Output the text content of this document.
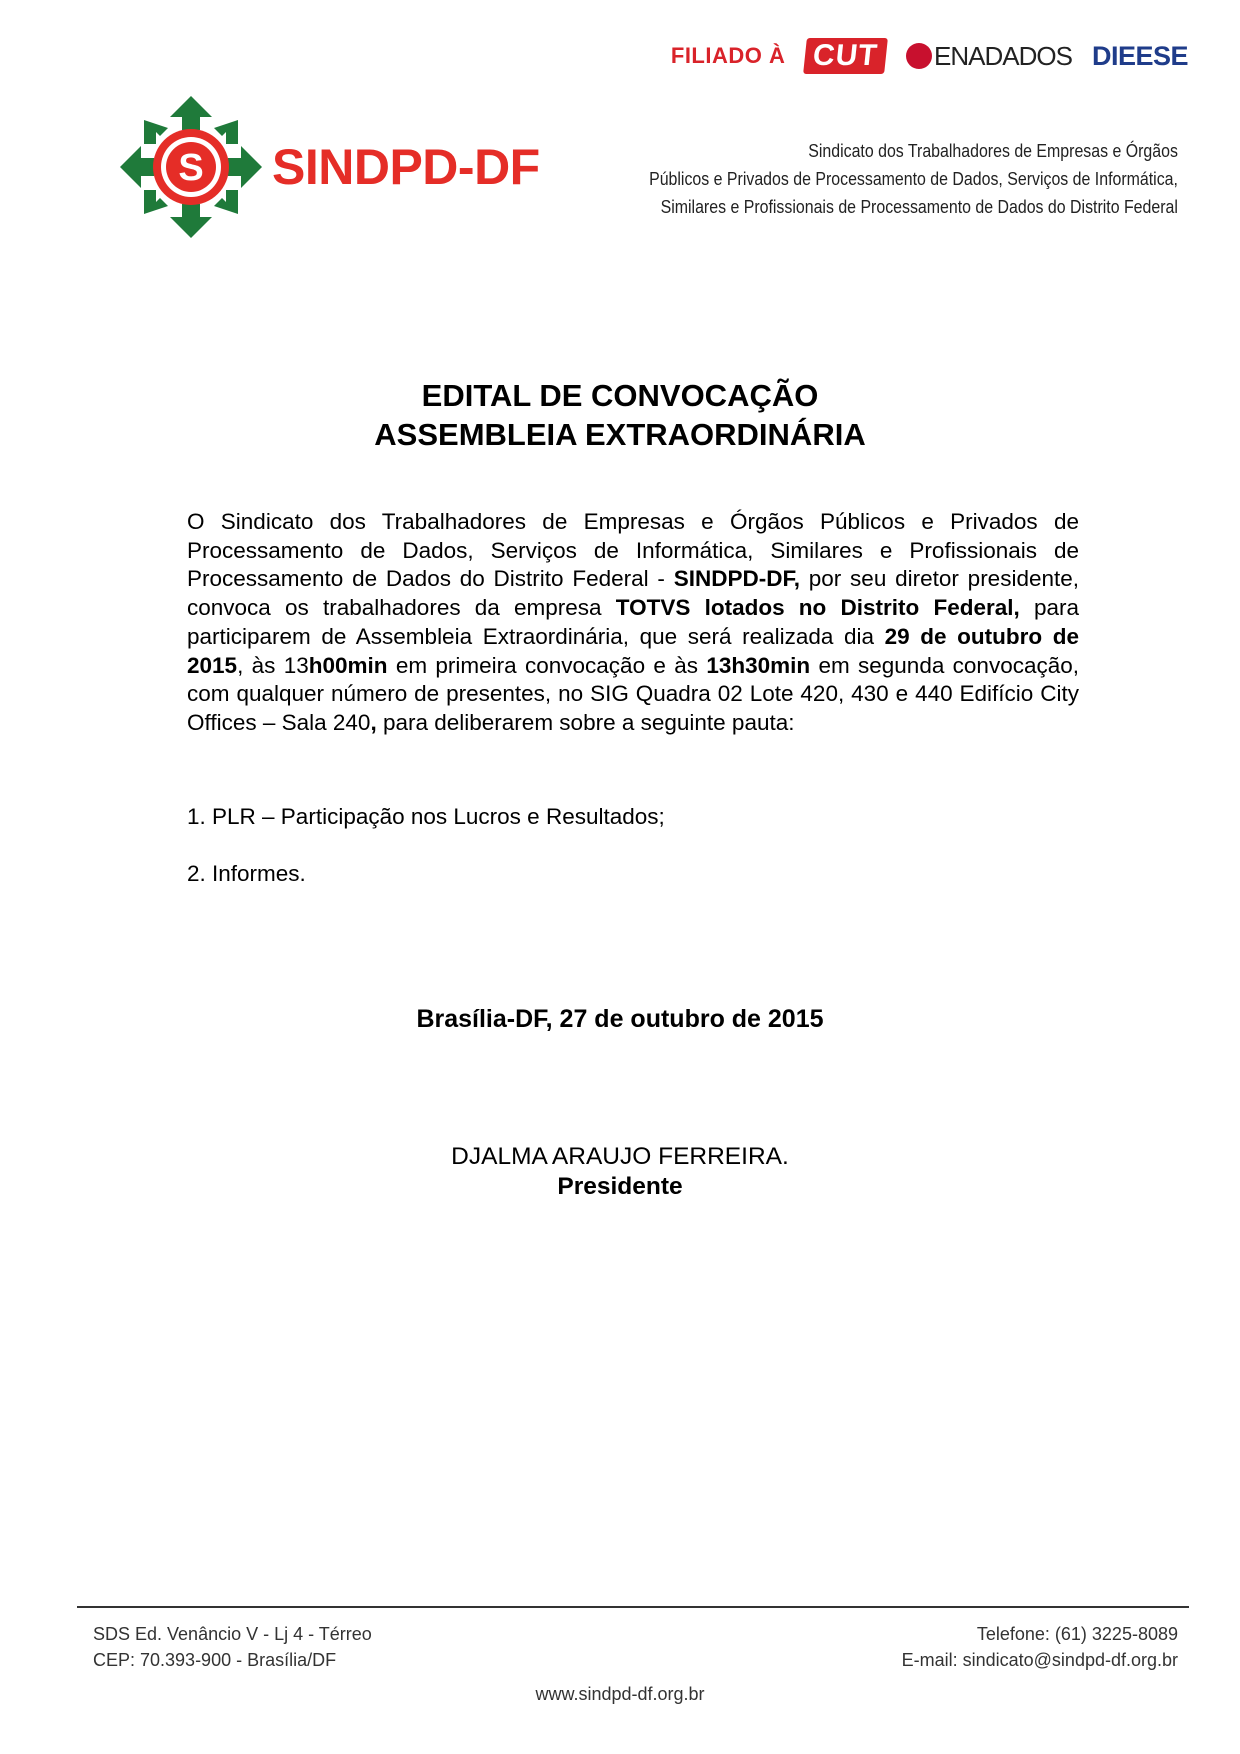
FILIADO À CUT	ENADADOS DIEESE
S SINDPD-DF	Sindicato dos Trabalhadores de Empresas e Órgãos
Públicos e Privados de Processamento de Dados, Serviços de Informática,
Similares e Profissionais de Processamento de Dados do Distrito Federal
EDITAL DE CONVOCAÇÃO
ASSEMBLEIA EXTRAORDINÁRIA
O Sindicato dos Trabalhadores de Empresas e Órgãos Públicos e Privados de Processamento de Dados, Serviços de Informática, Similares e Profissionais de Processamento de Dados do Distrito Federal - SINDPD-DF, por seu diretor presidente, convoca os trabalhadores da empresa TOTVS lotados no Distrito Federal, para participarem de Assembleia Extraordinária, que será realizada dia 29 de outubro de 2015, às 13h00min em primeira convocação e às 13h30min em segunda convocação, com qualquer número de presentes, no SIG Quadra 02 Lote 420, 430 e 440 Edifício City Offices – Sala 240, para deliberarem sobre a seguinte pauta:
1. PLR – Participação nos Lucros e Resultados;
2. Informes.
Brasília-DF, 27 de outubro de 2015
DJALMA ARAUJO FERREIRA.
Presidente
SDS Ed. Venâncio V - Lj 4 - Térreo
CEP: 70.393-900 - Brasília/DF
Telefone: (61) 3225-8089
E-mail: sindicato@sindpd-df.org.br
www.sindpd-df.org.br
